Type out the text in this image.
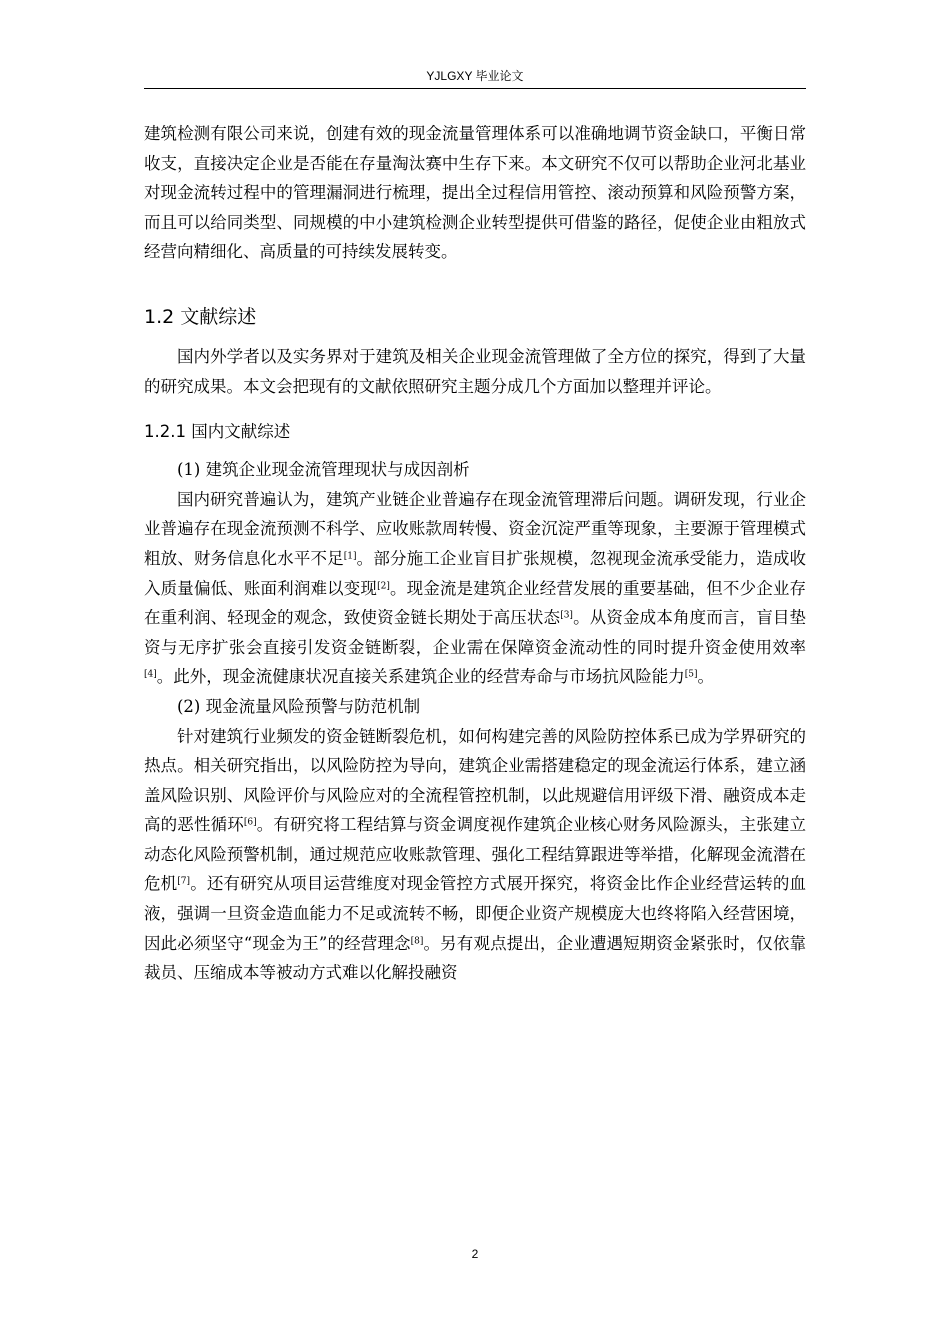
YJLGXY 毕业论文

建筑检测有限公司来说，创建有效的现金流量管理体系可以准确地调节资金缺口，平衡日常收支，直接决定企业是否能在存量淘汰赛中生存下来。本文研究不仅可以帮助企业河北基业对现金流转过程中的管理漏洞进行梳理，提出全过程信用管控、滚动预算和风险预警方案，而且可以给同类型、同规模的中小建筑检测企业转型提供可借鉴的路径，促使企业由粗放式经营向精细化、高质量的可持续发展转变。

1.2 文献综述

国内外学者以及实务界对于建筑及相关企业现金流管理做了全方位的探究，得到了大量的研究成果。本文会把现有的文献依照研究主题分成几个方面加以整理并评论。

1.2.1 国内文献综述

(1) 建筑企业现金流管理现状与成因剖析

国内研究普遍认为，建筑产业链企业普遍存在现金流管理滞后问题。调研发现，行业企业普遍存在现金流预测不科学、应收账款周转慢、资金沉淀严重等现象，主要源于管理模式粗放、财务信息化水平不足[1]。部分施工企业盲目扩张规模，忽视现金流承受能力，造成收入质量偏低、账面利润难以变现[2]。现金流是建筑企业经营发展的重要基础，但不少企业存在重利润、轻现金的观念，致使资金链长期处于高压状态[3]。从资金成本角度而言，盲目垫资与无序扩张会直接引发资金链断裂，企业需在保障资金流动性的同时提升资金使用效率[4]。此外，现金流健康状况直接关系建筑企业的经营寿命与市场抗风险能力[5]。

(2) 现金流量风险预警与防范机制

针对建筑行业频发的资金链断裂危机，如何构建完善的风险防控体系已成为学界研究的热点。相关研究指出，以风险防控为导向，建筑企业需搭建稳定的现金流运行体系，建立涵盖风险识别、风险评价与风险应对的全流程管控机制，以此规避信用评级下滑、融资成本走高的恶性循环[6]。有研究将工程结算与资金调度视作建筑企业核心财务风险源头，主张建立动态化风险预警机制，通过规范应收账款管理、强化工程结算跟进等举措，化解现金流潜在危机[7]。还有研究从项目运营维度对现金管控方式展开探究，将资金比作企业经营运转的血液，强调一旦资金造血能力不足或流转不畅，即便企业资产规模庞大也终将陷入经营困境，因此必须坚守“现金为王”的经营理念[8]。另有观点提出，企业遭遇短期资金紧张时，仅依靠裁员、压缩成本等被动方式难以化解投融资

2
